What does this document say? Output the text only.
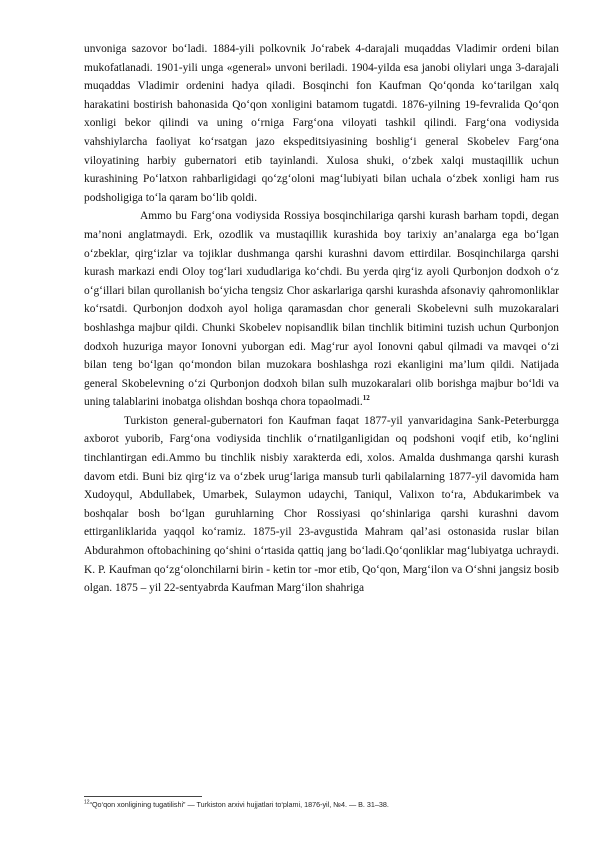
unvoniga sazovor bo‘ladi. 1884-yili polkovnik Jo‘rabek 4-darajali muqaddas Vladimir ordeni bilan mukofatlanadi. 1901-yili unga «general» unvoni beriladi. 1904-yilda esa janobi oliylari unga 3-darajali muqaddas Vladimir ordenini hadya qiladi. Bosqinchi fon Kaufman Qo‘qonda ko‘tarilgan xalq harakatini bostirish bahonasida Qo‘qon xonligini batamom tugatdi. 1876-yilning 19-fevralida Qo‘qon xonligi bekor qilindi va uning o‘rniga Farg‘ona viloyati tashkil qilindi. Farg‘ona vodiysida vahshiylarcha faoliyat ko‘rsatgan jazo ekspeditsiyasining boshlig‘i general Skobelev Farg‘ona viloyatining harbiy gubernatori etib tayinlandi. Xulosa shuki, o‘zbek xalqi mustaqillik uchun kurashining Po‘latxon rahbarligidagi qo‘zg‘oloni mag‘lubiyati bilan uchala o‘zbek xonligi ham rus podsholigiga to‘la qaram bo‘lib qoldi.

Ammo bu Farg‘ona vodiysida Rossiya bosqinchilariga qarshi kurash barham topdi, degan ma’noni anglatmaydi. Erk, ozodlik va mustaqillik kurashida boy tarixiy an’analarga ega bo‘lgan o‘zbeklar, qirg‘izlar va tojiklar dushmanga qarshi kurashni davom ettirdilar. Bosqinchilarga qarshi kurash markazi endi Oloy tog‘lari xududlariga ko‘chdi. Bu yerda qirg‘iz ayoli Qurbonjon dodxoh o‘z o‘g‘illari bilan qurollanish bo‘yicha tengsiz Chor askarlariga qarshi kurashda afsonaviy qahromonliklar ko‘rsatdi. Qurbonjon dodxoh ayol holiga qaramasdan chor generali Skobelevni sulh muzokaralari boshlashga majbur qildi. Chunki Skobelev nopisandlik bilan tinchlik bitimini tuzish uchun Qurbonjon dodxoh huzuriga mayor Ionovni yuborgan edi. Mag‘rur ayol Ionovni qabul qilmadi va mavqei o‘zi bilan teng bo‘lgan qo‘mondon bilan muzokara boshlashga rozi ekanligini ma’lum qildi. Natijada general Skobelevning o‘zi Qurbonjon dodxoh bilan sulh muzokaralari olib borishga majbur bo‘ldi va uning talablarini inobatga olishdan boshqa chora topaolmadi.$^{12}$

Turkiston general-gubernatori fon Kaufman faqat 1877-yil yanvaridagina Sank-Peterburgga axborot yuborib, Farg‘ona vodiysida tinchlik o‘rnatilganligidan oq podshoni voqif etib, ko‘nglini tinchlantirgan edi.Ammo bu tinchlik nisbiy xarakterda edi, xolos. Amalda dushmanga qarshi kurash davom etdi. Buni biz qirg‘iz va o‘zbek urug‘lariga mansub turli qabilalarning 1877-yil davomida ham Xudoyqul, Abdullabek, Umarbek, Sulaymon udaychi, Taniqul, Valixon to‘ra, Abdukarimbek va boshqalar bosh bo‘lgan guruhlarning Chor Rossiyasi qo‘shinlariga qarshi kurashni davom ettirganliklarida yaqqol ko‘ramiz. 1875-yil 23-avgustida Mahram qal’asi ostonasida ruslar bilan Abdurahmon oftobachining qo‘shini o‘rtasida qattiq jang bo‘ladi.Qo‘qonliklar mag‘lubiyatga uchraydi. K. P. Kaufman qo‘zg‘olonchilarni birin - ketin tor -mor etib, Qo‘qon, Marg‘ilon va O‘shni jangsiz bosib olgan. 1875 – yil 22-sentyabrda Kaufman Marg‘ilon shahriga

$^{12}$“Qo‘qon xonligining tugatilishi” — Turkiston arxivi hujjatlari to‘plami, 1876-yil, №4. — B. 31–38.
